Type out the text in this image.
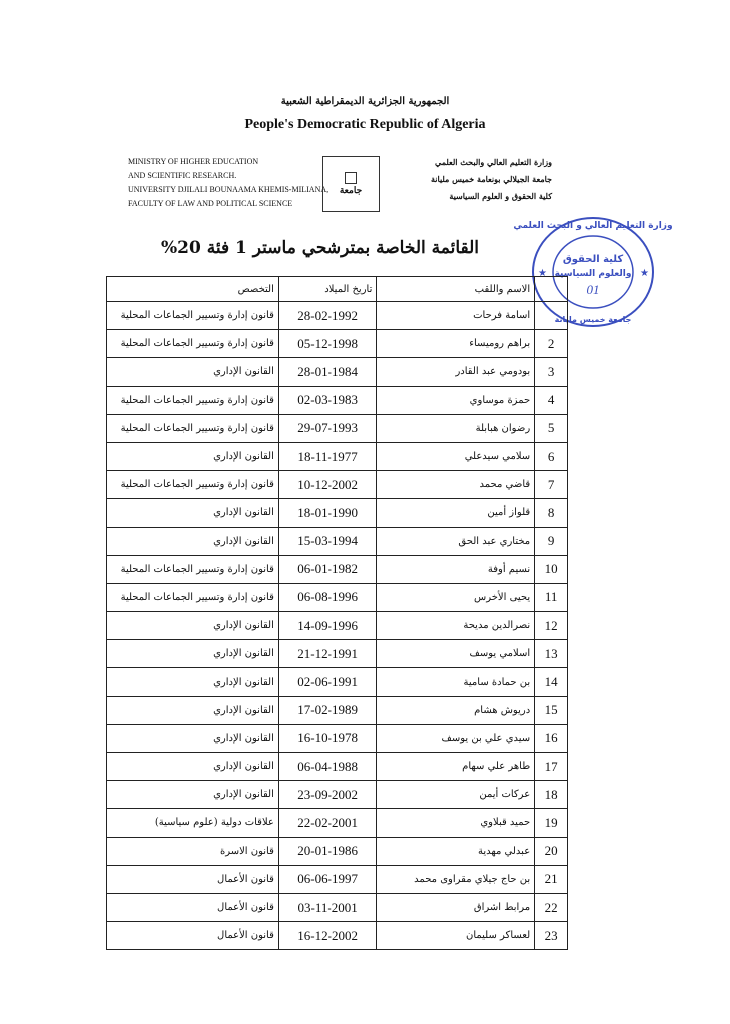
الجمهورية الجزائرية الديمقراطية الشعبية
People's Democratic Republic of Algeria
MINISTRY OF HIGHER EDUCATION
AND SCIENTIFIC RESEARCH.
UNIVERSITY DJILALI BOUNAAMA KHEMIS-MILIANA,
FACULTY OF LAW AND POLITICAL SCIENCE
جامعة
وزارة التعليم العالي والبحث العلمي
جامعة الجيلالي بونعامة خميس مليانة
كلية الحقوق و العلوم السياسية
القائمة الخاصة بمترشحي ماستر 1 فئة 20%
وزارة التعليم العالي و البحث العلمي
كلية الحقوق
والعلوم السياسية
01
جامعة خميس مليانة
★	★
	الاسم واللقب	تاريخ الميلاد	التخصص
	اسامة فرحات	28-02-1992	قانون إدارة وتسيير الجماعات المحلية
2	براهم روميساء	05-12-1998	قانون إدارة وتسيير الجماعات المحلية
3	بودومي عبد القادر	28-01-1984	القانون الإداري
4	حمزة موساوي	02-03-1983	قانون إدارة وتسيير الجماعات المحلية
5	رضوان هبابلة	29-07-1993	قانون إدارة وتسيير الجماعات المحلية
6	سلامي سيدعلي	18-11-1977	القانون الإداري
7	قاضي محمد	10-12-2002	قانون إدارة وتسيير الجماعات المحلية
8	قلواز أمين	18-01-1990	القانون الإداري
9	مختاري عبد الحق	15-03-1994	القانون الإداري
10	نسيم أوفة	06-01-1982	قانون إدارة وتسيير الجماعات المحلية
11	يحيى الأخرس	06-08-1996	قانون إدارة وتسيير الجماعات المحلية
12	نصرالدين مديحة	14-09-1996	القانون الإداري
13	اسلامي يوسف	21-12-1991	القانون الإداري
14	بن حمادة سامية	02-06-1991	القانون الإداري
15	دريوش هشام	17-02-1989	القانون الإداري
16	سيدي علي بن يوسف	16-10-1978	القانون الإداري
17	طاهر علي سهام	06-04-1988	القانون الإداري
18	عركات أيمن	23-09-2002	القانون الإداري
19	حميد قبلاوي	22-02-2001	علاقات دولية (علوم سياسية)
20	عبدلي مهدية	20-01-1986	قانون الاسرة
21	بن حاج جيلاي مقراوى محمد	06-06-1997	قانون الأعمال
22	مرابط اشراق	03-11-2001	قانون الأعمال
23	لعساكر سليمان	16-12-2002	قانون الأعمال
